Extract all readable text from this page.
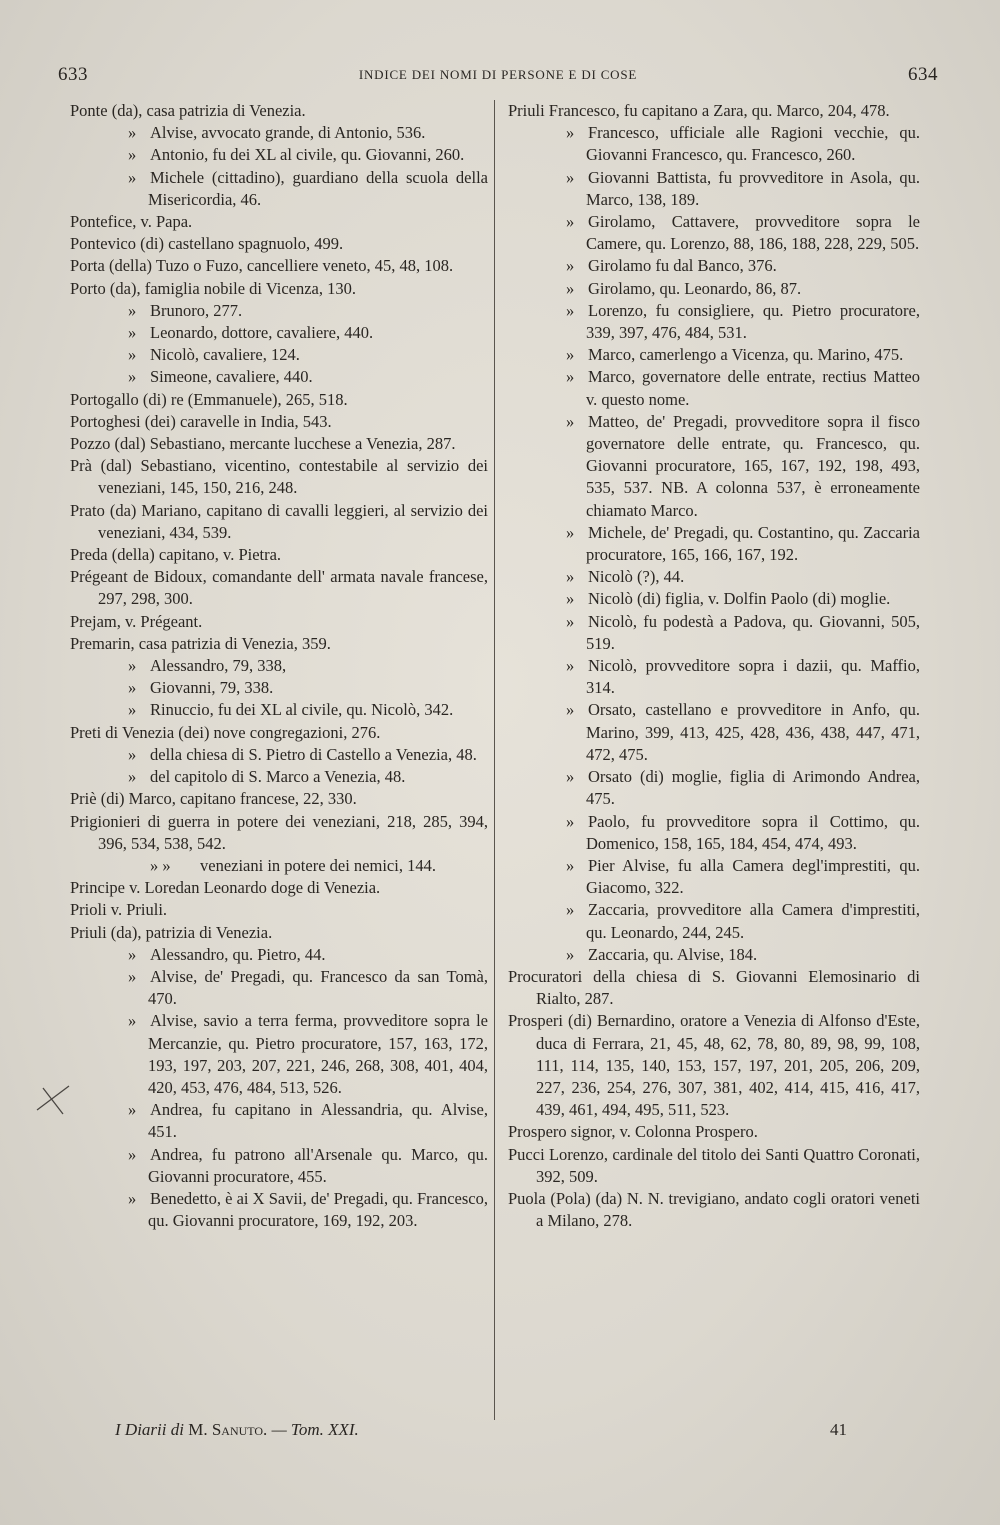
633	INDICE DEI NOMI DI PERSONE E DI COSE	634

Ponte (da), casa patrizia di Venezia.

» Alvise, avvocato grande, di Antonio, 536.

» Antonio, fu dei XL al civile, qu. Giovanni, 260.

» Michele (cittadino), guardiano della scuola della Misericordia, 46.

Pontefice, v. Papa.

Pontevico (di) castellano spagnuolo, 499.

Porta (della) Tuzo o Fuzo, cancelliere veneto, 45, 48, 108.

Porto (da), famiglia nobile di Vicenza, 130.

» Brunoro, 277.

» Leonardo, dottore, cavaliere, 440.

» Nicolò, cavaliere, 124.

» Simeone, cavaliere, 440.

Portogallo (di) re (Emmanuele), 265, 518.

Portoghesi (dei) caravelle in India, 543.

Pozzo (dal) Sebastiano, mercante lucchese a Venezia, 287.

Prà (dal) Sebastiano, vicentino, contestabile al servizio dei veneziani, 145, 150, 216, 248.

Prato (da) Mariano, capitano di cavalli leggieri, al servizio dei veneziani, 434, 539.

Preda (della) capitano, v. Pietra.

Prégeant de Bidoux, comandante dell' armata navale francese, 297, 298, 300.

Prejam, v. Prégeant.

Premarin, casa patrizia di Venezia, 359.

» Alessandro, 79, 338,

» Giovanni, 79, 338.

» Rinuccio, fu dei XL al civile, qu. Nicolò, 342.

Preti di Venezia (dei) nove congregazioni, 276.

» della chiesa di S. Pietro di Castello a Venezia, 48.

» del capitolo di S. Marco a Venezia, 48.

Priè (di) Marco, capitano francese, 22, 330.

Prigionieri di guerra in potere dei veneziani, 218, 285, 394, 396, 534, 538, 542.

» » veneziani in potere dei nemici, 144.

Principe v. Loredan Leonardo doge di Venezia.

Prioli v. Priuli.

Priuli (da), patrizia di Venezia.

» Alessandro, qu. Pietro, 44.

» Alvise, de' Pregadi, qu. Francesco da san Tomà, 470.

» Alvise, savio a terra ferma, provveditore sopra le Mercanzie, qu. Pietro procuratore, 157, 163, 172, 193, 197, 203, 207, 221, 246, 268, 308, 401, 404, 420, 453, 476, 484, 513, 526.

» Andrea, fu capitano in Alessandria, qu. Alvise, 451.

» Andrea, fu patrono all'Arsenale qu. Marco, qu. Giovanni procuratore, 455.

» Benedetto, è ai X Savii, de' Pregadi, qu. Francesco, qu. Giovanni procuratore, 169, 192, 203.

Priuli Francesco, fu capitano a Zara, qu. Marco, 204, 478.

» Francesco, ufficiale alle Ragioni vecchie, qu. Giovanni Francesco, qu. Francesco, 260.

» Giovanni Battista, fu provveditore in Asola, qu. Marco, 138, 189.

» Girolamo, Cattavere, provveditore sopra le Camere, qu. Lorenzo, 88, 186, 188, 228, 229, 505.

» Girolamo fu dal Banco, 376.

» Girolamo, qu. Leonardo, 86, 87.

» Lorenzo, fu consigliere, qu. Pietro procuratore, 339, 397, 476, 484, 531.

» Marco, camerlengo a Vicenza, qu. Marino, 475.

» Marco, governatore delle entrate, rectius Matteo v. questo nome.

» Matteo, de' Pregadi, provveditore sopra il fisco governatore delle entrate, qu. Francesco, qu. Giovanni procuratore, 165, 167, 192, 198, 493, 535, 537. NB. A colonna 537, è erroneamente chiamato Marco.

» Michele, de' Pregadi, qu. Costantino, qu. Zaccaria procuratore, 165, 166, 167, 192.

» Nicolò (?), 44.

» Nicolò (di) figlia, v. Dolfin Paolo (di) moglie.

» Nicolò, fu podestà a Padova, qu. Giovanni, 505, 519.

» Nicolò, provveditore sopra i dazii, qu. Maffio, 314.

» Orsato, castellano e provveditore in Anfo, qu. Marino, 399, 413, 425, 428, 436, 438, 447, 471, 472, 475.

» Orsato (di) moglie, figlia di Arimondo Andrea, 475.

» Paolo, fu provveditore sopra il Cottimo, qu. Domenico, 158, 165, 184, 454, 474, 493.

» Pier Alvise, fu alla Camera degl'imprestiti, qu. Giacomo, 322.

» Zaccaria, provveditore alla Camera d'imprestiti, qu. Leonardo, 244, 245.

» Zaccaria, qu. Alvise, 184.

Procuratori della chiesa di S. Giovanni Elemosinario di Rialto, 287.

Prosperi (di) Bernardino, oratore a Venezia di Alfonso d'Este, duca di Ferrara, 21, 45, 48, 62, 78, 80, 89, 98, 99, 108, 111, 114, 135, 140, 153, 157, 197, 201, 205, 206, 209, 227, 236, 254, 276, 307, 381, 402, 414, 415, 416, 417, 439, 461, 494, 495, 511, 523.

Prospero signor, v. Colonna Prospero.

Pucci Lorenzo, cardinale del titolo dei Santi Quattro Coronati, 392, 509.

Puola (Pola) (da) N. N. trevigiano, andato cogli oratori veneti a Milano, 278.

I Diarii di M. Sanuto. — Tom. XXI.	41
